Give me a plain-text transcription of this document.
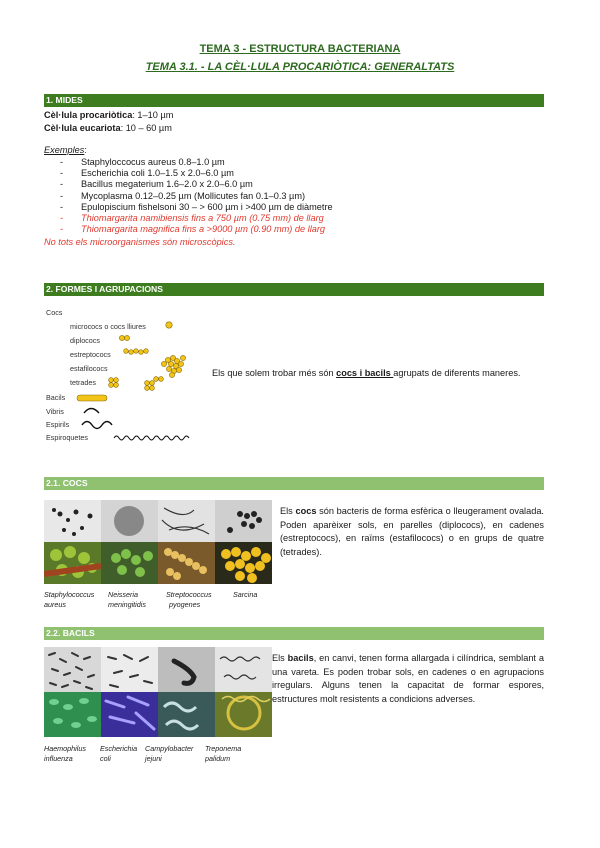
TEMA 3 - ESTRUCTURA BACTERIANA
TEMA 3.1. - LA CÈL·LULA PROCARIÒTICA: GENERALTATS
1. MIDES
Cèl·lula procariòtica: 1–10 µm
Cèl·lula eucariota: 10 – 60 µm
Exemples:
- Staphyloccocus aureus 0.8–1.0 µm
- Escherichia coli 1.0–1.5 x 2.0–6.0 µm
- Bacillus megaterium 1.6–2.0 x 2.0–6.0 µm
- Mycoplasma 0.12–0.25 µm (Mollicutes fan 0.1–0.3 µm)
- Epulopiscium fishelsoni 30 – > 600 µm i >400 µm de diàmetre
- Thiomargarita namibiensis fins a 750 µm (0.75 mm) de llarg
- Thiomargarita magnifica fins a >9000 µm (0.90 mm) de llarg
No tots els microorganismes són microscòpics.
2. FORMES I AGRUPACIONS
Cocs
micrococs o cocs lliures
diplococs
estreptococs
estafilococs
tetrades
Bacils
Vibris
Espirils
Espiroquetes
Els que solem trobar més són cocs i bacils agrupats de diferents maneres.
2.1. COCS
Staphylococcus
aureus
Neisseria
meningitidis
Streptococcus
pyogenes
Sarcina
Els cocs són bacteris de forma esfèrica o lleugerament ovalada. Poden aparèixer sols, en parelles (diplococs), en cadenes (estreptococs), en raïms (estafilococs) o en grups de quatre (tetrades).
2.2. BACILS
Haemophilus
influenza
Escherichia
coli
Campylobacter
jejuni
Treponema
palidum
Els bacils, en canvi, tenen forma allargada i cilíndrica, semblant a una vareta. Es poden trobar sols, en cadenes o en agrupacions irregulars. Alguns tenen la capacitat de formar espores, estructures molt resistents a condicions adverses.
